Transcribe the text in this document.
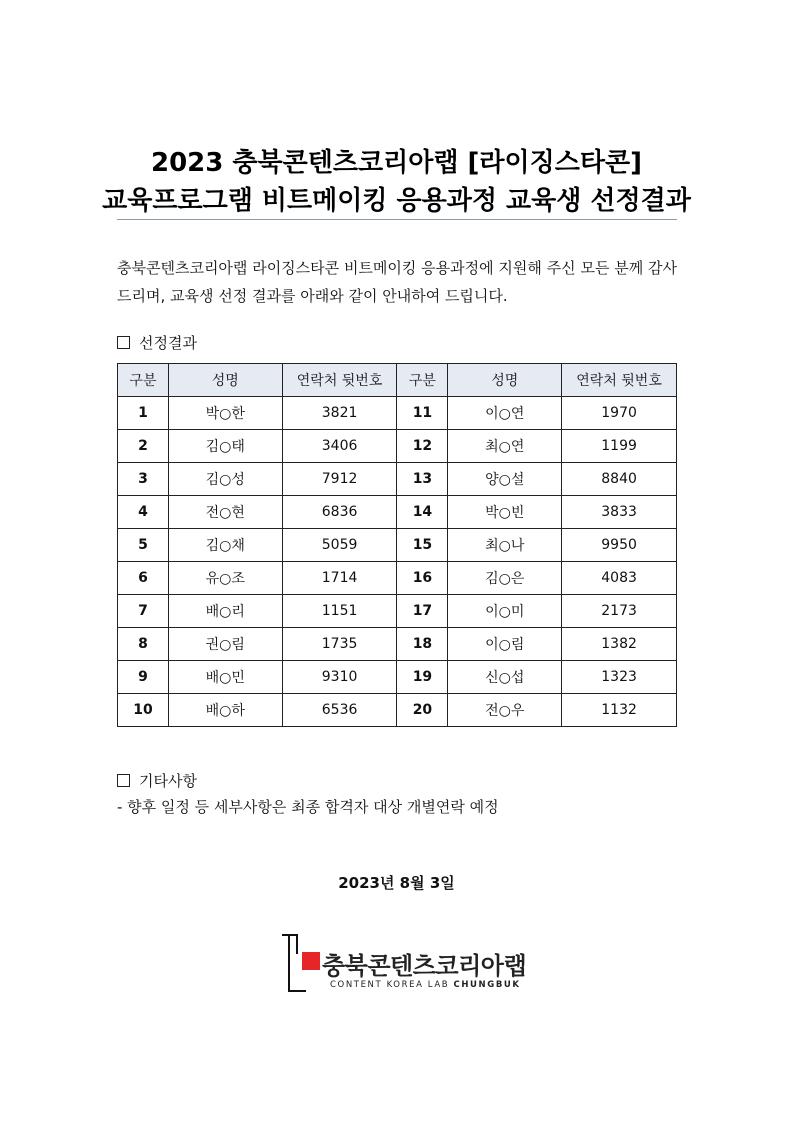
2023 충북콘텐츠코리아랩 [라이징스타콘]
교육프로그램 비트메이킹 응용과정 교육생 선정결과
충북콘텐츠코리아랩 라이징스타콘 비트메이킹 응용과정에 지원해 주신 모든 분께 감사드리며, 교육생 선정 결과를 아래와 같이 안내하여 드립니다.
선정결과
구분	성명	연락처 뒷번호	구분	성명	연락처 뒷번호
1	박○한	3821	11	이○연	1970
2	김○태	3406	12	최○연	1199
3	김○성	7912	13	양○설	8840
4	전○현	6836	14	박○빈	3833
5	김○채	5059	15	최○나	9950
6	유○조	1714	16	김○은	4083
7	배○리	1151	17	이○미	2173
8	권○림	1735	18	이○림	1382
9	배○민	9310	19	신○섭	1323
10	배○하	6536	20	전○우	1132
기타사항
- 향후 일정 등 세부사항은 최종 합격자 대상 개별연락 예정
2023년 8월 3일
충북콘텐츠코리아랩
CONTENT KOREA LAB CHUNGBUK
